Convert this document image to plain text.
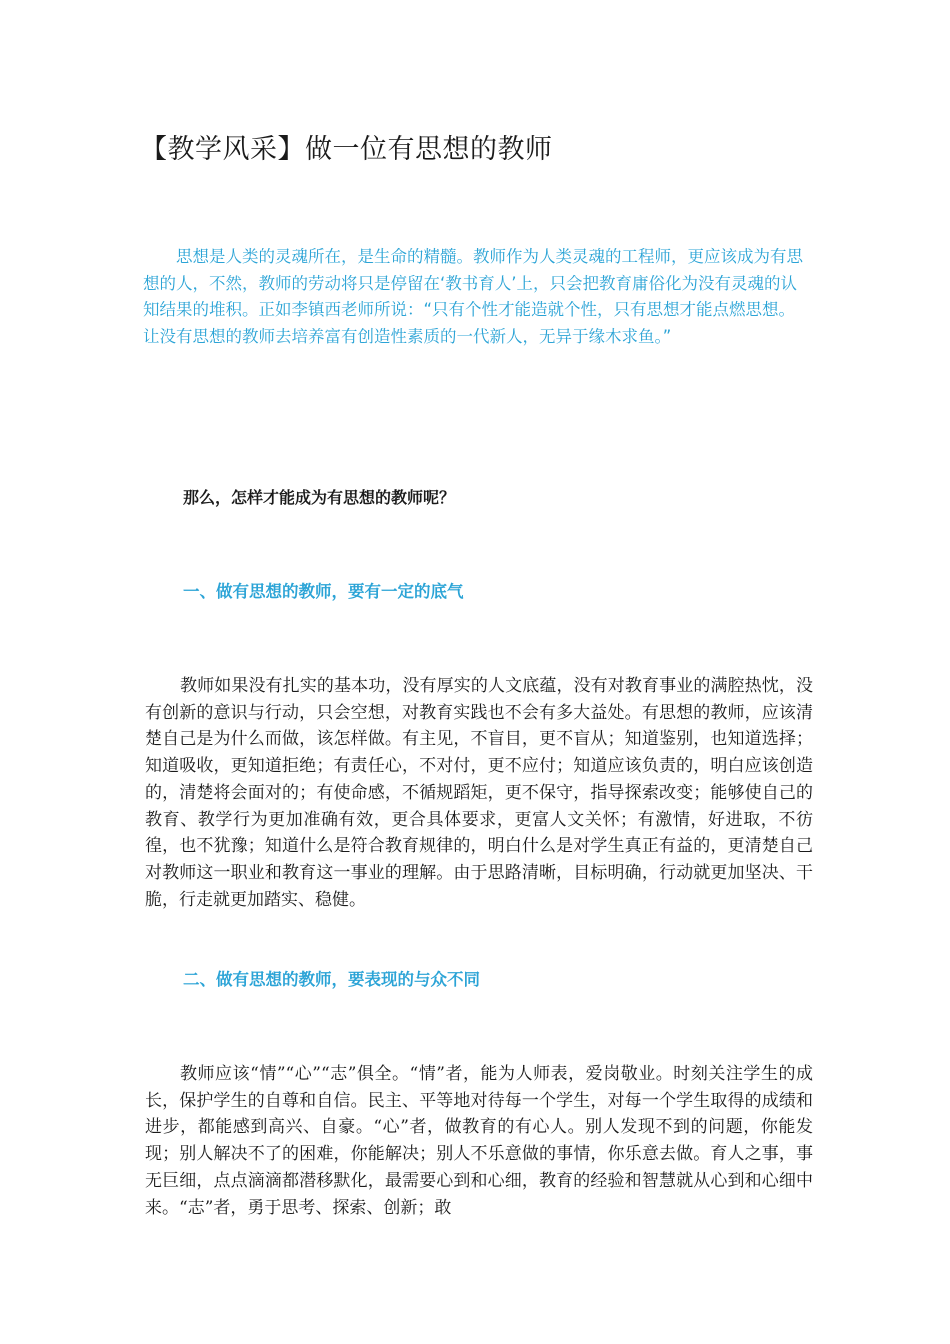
【教学风采】做一位有思想的教师

思想是人类的灵魂所在，是生命的精髓。教师作为人类灵魂的工程师，更应该成为有思想的人，不然，教师的劳动将只是停留在‘教书育人’上，只会把教育庸俗化为没有灵魂的认知结果的堆积。正如李镇西老师所说：“只有个性才能造就个性，只有思想才能点燃思想。让没有思想的教师去培养富有创造性素质的一代新人，无异于缘木求鱼。”

那么，怎样才能成为有思想的教师呢？

一、做有思想的教师，要有一定的底气

教师如果没有扎实的基本功，没有厚实的人文底蕴，没有对教育事业的满腔热忱，没有创新的意识与行动，只会空想，对教育实践也不会有多大益处。有思想的教师，应该清楚自己是为什么而做，该怎样做。有主见，不盲目，更不盲从；知道鉴别，也知道选择；知道吸收，更知道拒绝；有责任心，不对付，更不应付；知道应该负责的，明白应该创造的，清楚将会面对的；有使命感，不循规蹈矩，更不保守，指导探索改变；能够使自己的教育、教学行为更加准确有效，更合具体要求，更富人文关怀；有激情，好进取，不彷徨，也不犹豫；知道什么是符合教育规律的，明白什么是对学生真正有益的，更清楚自己对教师这一职业和教育这一事业的理解。由于思路清晰，目标明确，行动就更加坚决、干脆，行走就更加踏实、稳健。

二、做有思想的教师，要表现的与众不同

教师应该“情”“心”“志”俱全。“情”者，能为人师表，爱岗敬业。时刻关注学生的成长，保护学生的自尊和自信。民主、平等地对待每一个学生，对每一个学生取得的成绩和进步，都能感到高兴、自豪。“心”者，做教育的有心人。别人发现不到的问题，你能发现；别人解决不了的困难，你能解决；别人不乐意做的事情，你乐意去做。育人之事，事无巨细，点点滴滴都潜移默化，最需要心到和心细，教育的经验和智慧就从心到和心细中来。“志”者，勇于思考、探索、创新；敢
